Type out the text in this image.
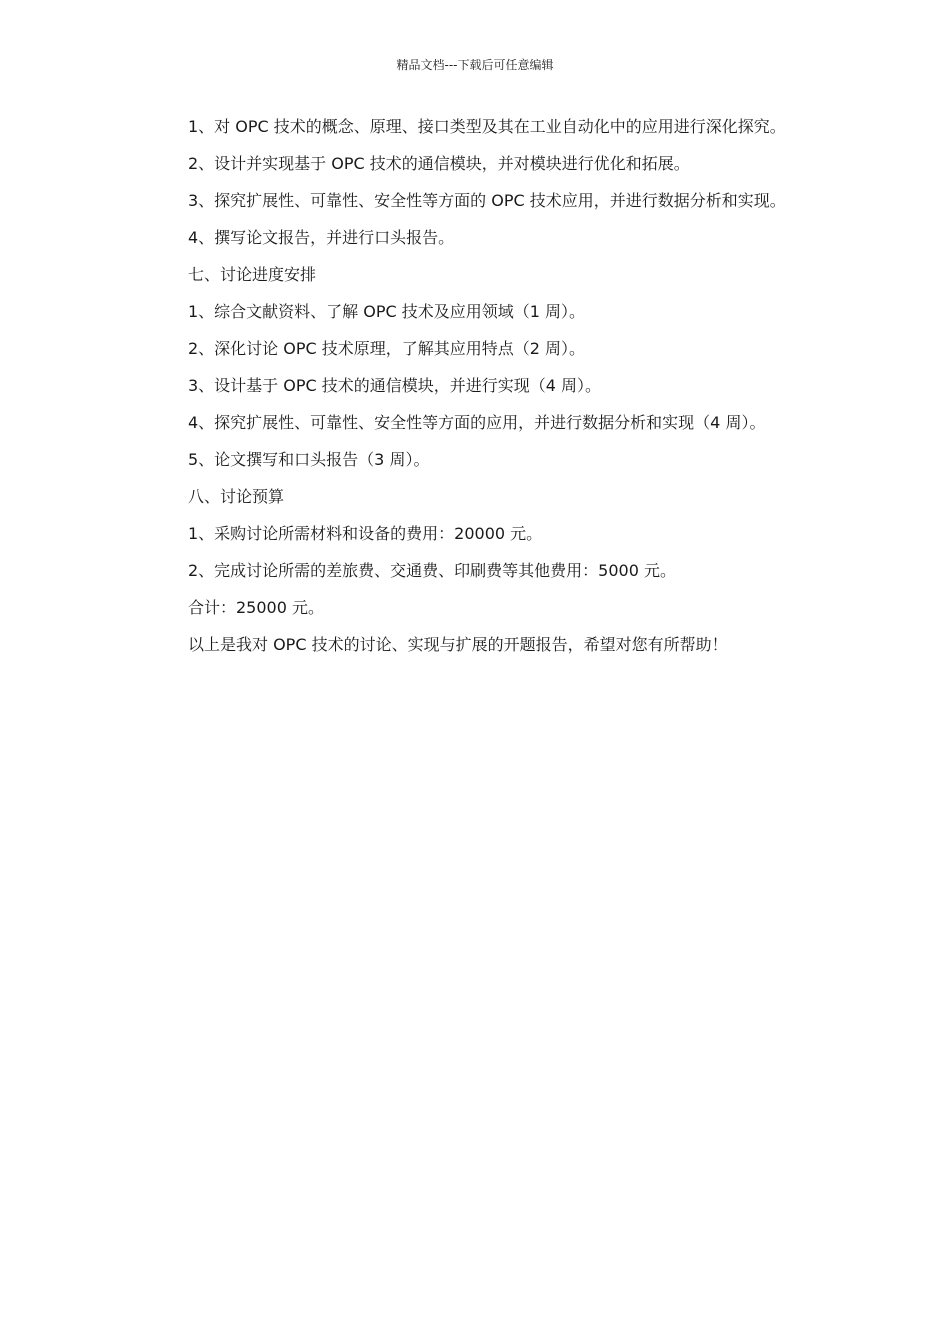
精品文档---下载后可任意编辑

1、对 OPC 技术的概念、原理、接口类型及其在工业自动化中的应用进行深化探究。

2、设计并实现基于 OPC 技术的通信模块，并对模块进行优化和拓展。

3、探究扩展性、可靠性、安全性等方面的 OPC 技术应用，并进行数据分析和实现。

4、撰写论文报告，并进行口头报告。

七、讨论进度安排

1、综合文献资料、了解 OPC 技术及应用领域（1 周）。

2、深化讨论 OPC 技术原理，了解其应用特点（2 周）。

3、设计基于 OPC 技术的通信模块，并进行实现（4 周）。

4、探究扩展性、可靠性、安全性等方面的应用，并进行数据分析和实现（4 周）。

5、论文撰写和口头报告（3 周）。

八、讨论预算

1、采购讨论所需材料和设备的费用：20000 元。

2、完成讨论所需的差旅费、交通费、印刷费等其他费用：5000 元。

合计：25000 元。

以上是我对 OPC 技术的讨论、实现与扩展的开题报告，希望对您有所帮助！
